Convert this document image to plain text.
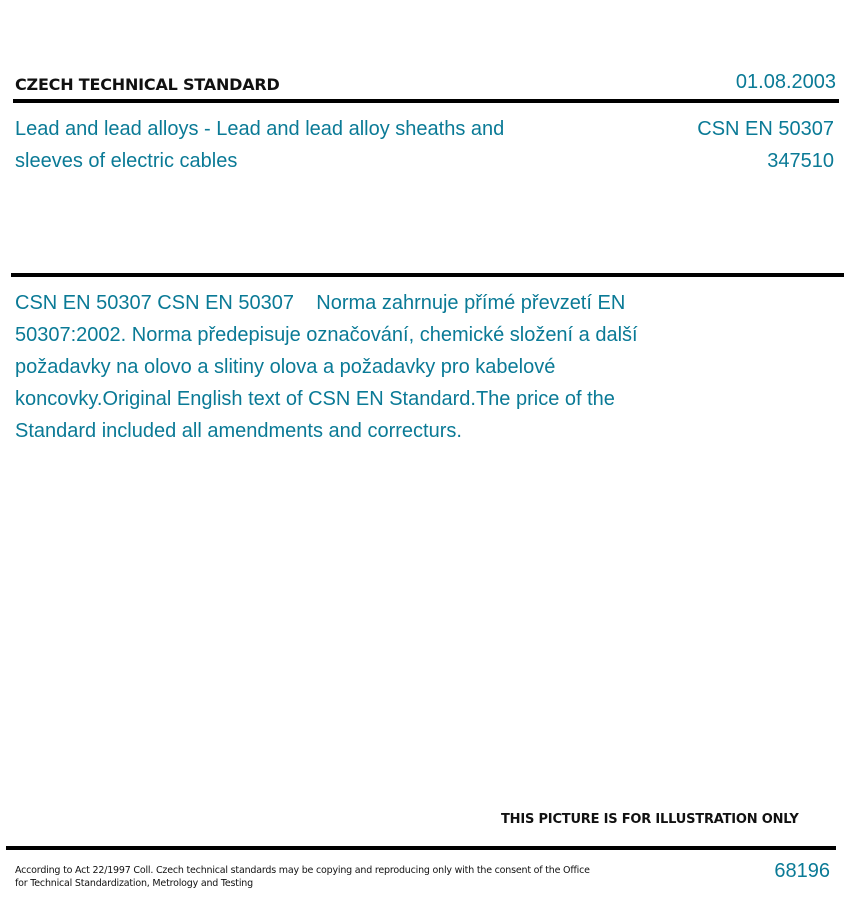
CZECH TECHNICAL STANDARD	01.08.2003
Lead and lead alloys - Lead and lead alloy sheaths and sleeves of electric cables
CSN EN 50307
347510
CSN EN 50307 CSN EN 50307    Norma zahrnuje přímé převzetí EN 50307:2002. Norma předepisuje označování, chemické složení a další požadavky na olovo a slitiny olova a požadavky pro kabelové koncovky.Original English text of CSN EN Standard.The price of the Standard included all amendments and correcturs.
THIS PICTURE IS FOR ILLUSTRATION ONLY
According to Act 22/1997 Coll. Czech technical standards may be copying and reproducing only with the consent of the Office
for Technical Standardization, Metrology and Testing
68196
